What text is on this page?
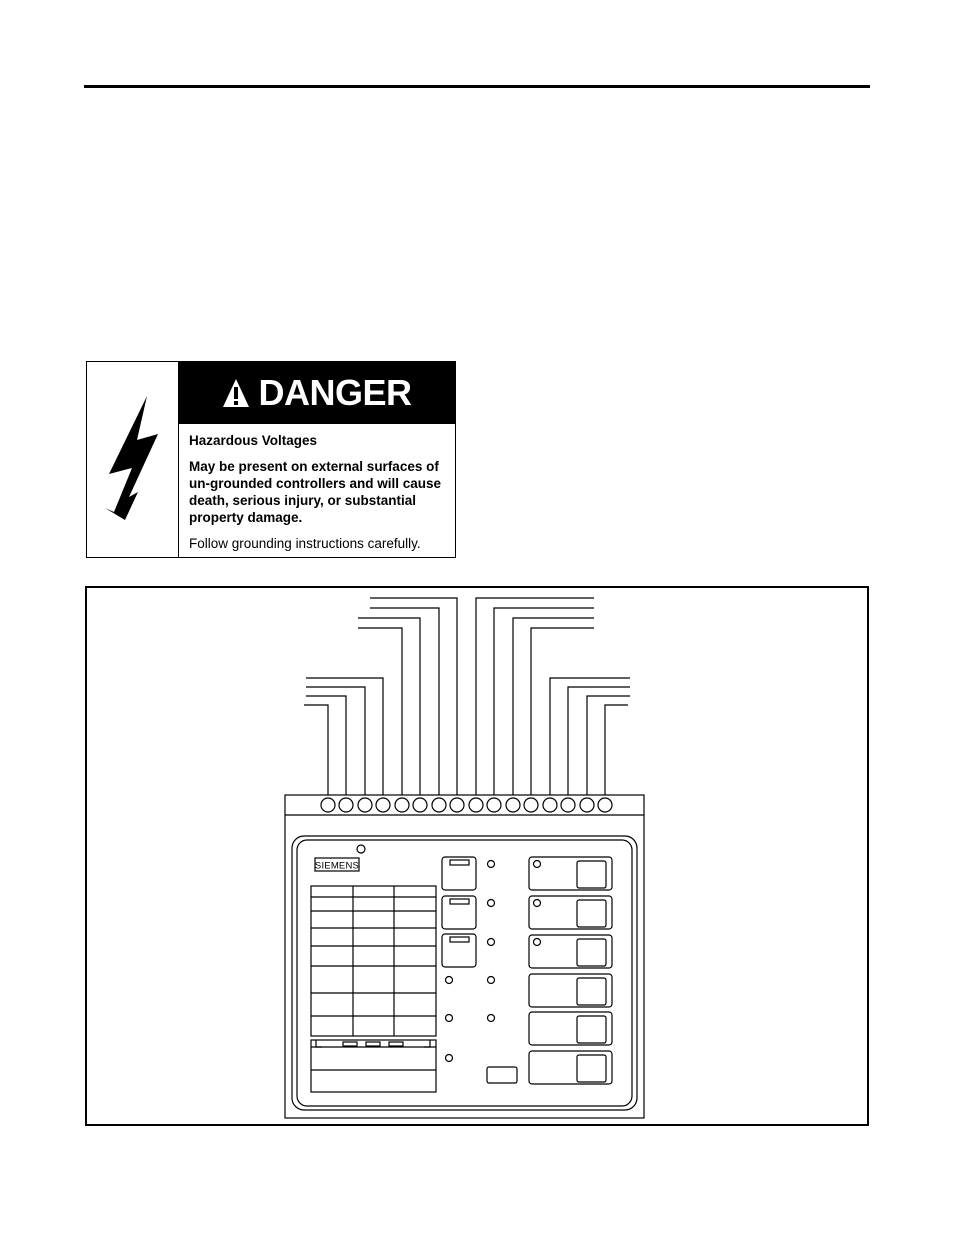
DANGER
Hazardous Voltages
May be present on external surfaces of un-grounded controllers and will cause death, serious injury, or substantial property damage.
Follow grounding instructions carefully.
SIEMENS
